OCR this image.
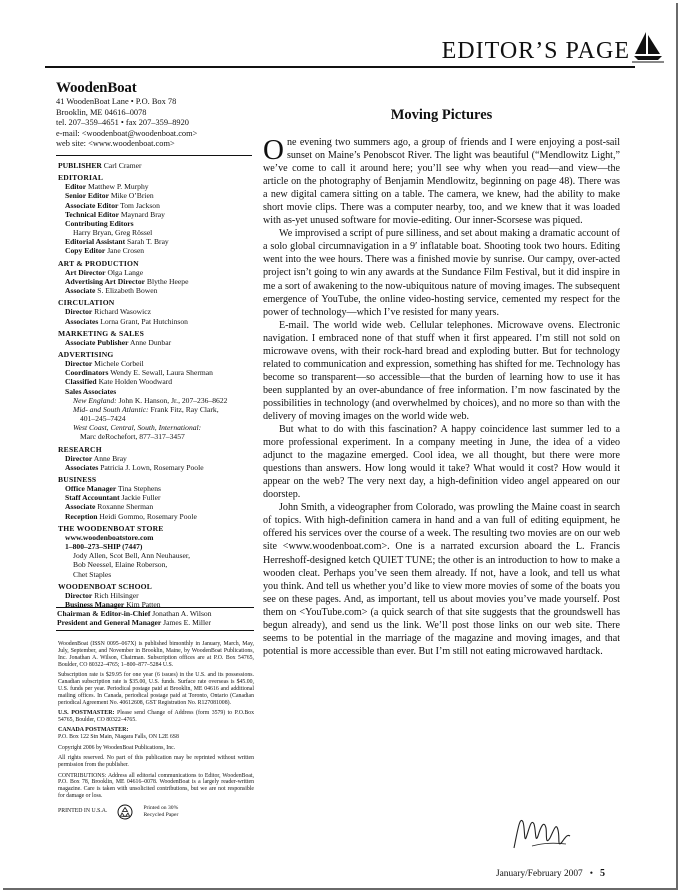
EDITOR’S PAGE
WoodenBoat
41 WoodenBoat Lane • P.O. Box 78
Brooklin, ME 04616–0078
tel. 207–359–4651 • fax 207–359–8920
e-mail: <woodenboat@woodenboat.com>
web site: <www.woodenboat.com>
PUBLISHER Carl Cramer
EDITORIAL
Editor Matthew P. Murphy
Senior Editor Mike O’Brien
Associate Editor Tom Jackson
Technical Editor Maynard Bray
Contributing Editors
Harry Bryan, Greg Rössel
Editorial Assistant Sarah T. Bray
Copy Editor Jane Crosen
ART & PRODUCTION
Art Director Olga Lange
Advertising Art Director Blythe Heepe
Associate S. Elizabeth Bowen
CIRCULATION
Director Richard Wasowicz
Associates Lorna Grant, Pat Hutchinson
MARKETING & SALES
Associate Publisher Anne Dunbar
ADVERTISING
Director Michele Corbeil
Coordinators Wendy E. Sewall, Laura Sherman
Classified Kate Holden Woodward
Sales Associates
New England: John K. Hanson, Jr., 207–236–8622
Mid- and South Atlantic: Frank Fitz, Ray Clark,
401–245–7424
West Coast, Central, South, International:
Marc deRochefort, 877–317–3457
RESEARCH
Director Anne Bray
Associates Patricia J. Lown, Rosemary Poole
BUSINESS
Office Manager Tina Stephens
Staff Accountant Jackie Fuller
Associate Roxanne Sherman
Reception Heidi Gommo, Rosemary Poole
THE WOODENBOAT STORE
www.woodenboatstore.com
1–800–273–SHIP (7447)
Jody Allen, Scot Bell, Ann Neuhauser,
Bob Neessel, Elaine Roberson,
Chet Staples
WOODENBOAT SCHOOL
Director Rich Hilsinger
Business Manager Kim Patten
Chairman & Editor-in-Chief Jonathan A. Wilson
President and General Manager James E. Miller

WoodenBoat (ISSN 0095–067X) is published bimonthly in January, March, May, July, September, and November in Brooklin, Maine, by WoodenBoat Publications, Inc. Jonathan A. Wilson, Chairman. Subscription offices are at P.O. Box 54765, Boulder, CO 80322–4765; 1–800–877–5284 U.S.

Subscription rate is $29.95 for one year (6 issues) in the U.S. and its possessions. Canadian subscription rate is $35.00, U.S. funds. Surface rate overseas is $45.00, U.S. funds per year. Periodical postage paid at Brooklin, ME 04616 and additional mailing offices. In Canada, periodical postage paid at Toronto, Ontario (Canadian periodical Agreement No. 40612608, GST Registration No. R127081008).

U.S. POSTMASTER: Please send Change of Address (form 3579) to P.O.Box 54765, Boulder, CO 80322–4765.

CANADA POSTMASTER:
P.O. Box 122 Stn Main, Niagara Falls, ON L2E 6S8

Copyright 2006 by WoodenBoat Publications, Inc.

All rights reserved. No part of this publication may be reprinted without written permission from the publisher.

CONTRIBUTIONS: Address all editorial communications to Editor, WoodenBoat, P.O. Box 78, Brooklin, ME 04616–0078. WoodenBoat is a largely reader-written magazine. Care is taken with unsolicited contributions, but we are not responsible for damage or loss.

PRINTED IN U.S.A.
Printed on 30%
Recycled Paper
Moving Pictures

One evening two summers ago, a group of friends and I were enjoying a post-sail sunset on Maine’s Penobscot River. The light was beautiful (“Mendlowitz Light,” we’ve come to call it around here; you’ll see why when you read—and view—the article on the photography of Benjamin Mendlowitz, beginning on page 48). There was a new digital camera sitting on a table. The camera, we knew, had the ability to make short movie clips. There was a computer nearby, too, and we knew that it was loaded with as-yet unused software for movie-editing. Our inner-Scorsese was piqued.

We improvised a script of pure silliness, and set about making a dramatic account of a solo global circumnavigation in a 9′ inflatable boat. Shooting took two hours. Editing went into the wee hours. There was a finished movie by sunrise. Our campy, over-acted project isn’t going to win any awards at the Sundance Film Festival, but it did inspire in me a sort of awakening to the now-ubiquitous nature of moving images. The subsequent emergence of YouTube, the online video-hosting service, cemented my respect for the power of technology—which I’ve resisted for many years.

E-mail. The world wide web. Cellular telephones. Microwave ovens. Electronic navigation. I embraced none of that stuff when it first appeared. I’m still not sold on microwave ovens, with their rock-hard bread and exploding butter. But for technology related to communication and expression, something has shifted for me. Technology has become so transparent—so accessible—that the burden of learning how to use it has been supplanted by an over-abundance of free information. I’m now fascinated by the possibilities in technology (and overwhelmed by choices), and no more so than with the delivery of moving images on the world wide web.

But what to do with this fascination? A happy coincidence last summer led to a more professional experiment. In a company meeting in June, the idea of a video adjunct to the magazine emerged. Cool idea, we all thought, but there were more questions than answers. How long would it take? What would it cost? How would it appear on the web? The very next day, a high-definition video angel appeared on our doorstep.

John Smith, a videographer from Colorado, was prowling the Maine coast in search of topics. With high-definition camera in hand and a van full of editing equipment, he offered his services over the course of a week. The resulting two movies are on our web site <www.woodenboat.com>. One is a narrated excursion aboard the L. Francis Herreshoff-designed ketch QUIET TUNE; the other is an introduction to how to make a wooden cleat. Perhaps you’ve seen them already. If not, have a look, and tell us what you think. And tell us whether you’d like to view more movies of some of the boats you see on these pages. And, as important, tell us about movies you’ve made yourself. Post them on <YouTube.com> (a quick search of that site suggests that the groundswell has begun already), and send us the link. We’ll post those links on our web site. There seems to be potential in the marriage of the magazine and moving images, and that potential is more accessible than ever. But I’m still not eating microwaved hardtack.

January/February 2007 • 5
